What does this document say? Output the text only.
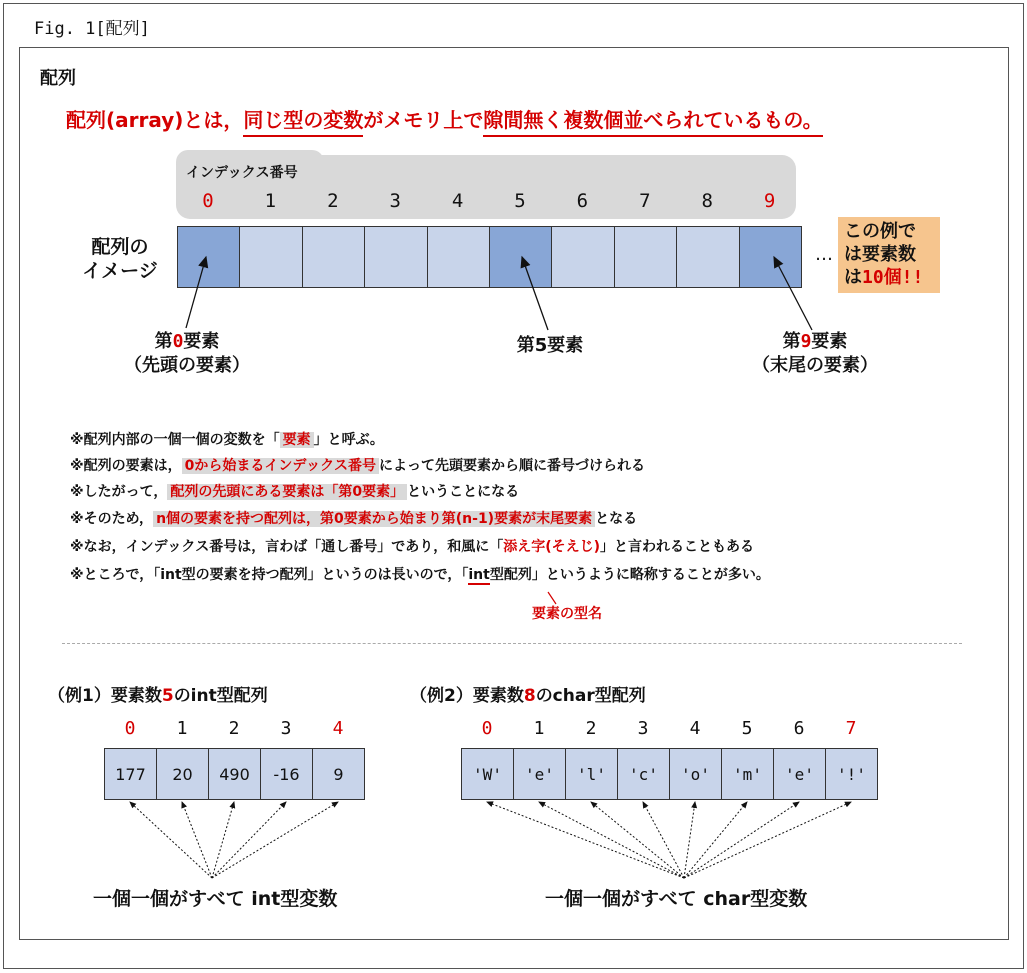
Fig. 1[配列]
配列
配列(array)とは，同じ型の変数がメモリ上で隙間無く複数個並べられているもの。
インデックス番号
0	1	2	3	4	5	6	7	8	9
配列の
イメージ
…
この例で
は要素数
は10個!!
第0要素
（先頭の要素）
第5要素	第9要素
（末尾の要素）
※配列内部の一個一個の変数を「 要素 」と呼ぶ。
※配列の要素は， 0から始まるインデックス番号 によって先頭要素から順に番号づけられる
※したがって， 配列の先頭にある要素は「第0要素」 ということになる
※そのため， n個の要素を持つ配列は，第0要素から始まり第(n-1)要素が末尾要素 となる
※なお，インデックス番号は，言わば「通し番号」であり，和風に「添え字(そえじ)」と言われることもある
※ところで，「int型の要素を持つ配列」というのは長いので，「int型配列」というように略称することが多い。
要素の型名
（例1）要素数5のint型配列
0	1	2	3	4
177	20	490	-16	9
一個一個がすべて int型変数
（例2）要素数8のchar型配列
0	1	2	3	4	5	6	7
'W'	'e'	'l'	'c'	'o'	'm'	'e'	'!'
一個一個がすべて char型変数
